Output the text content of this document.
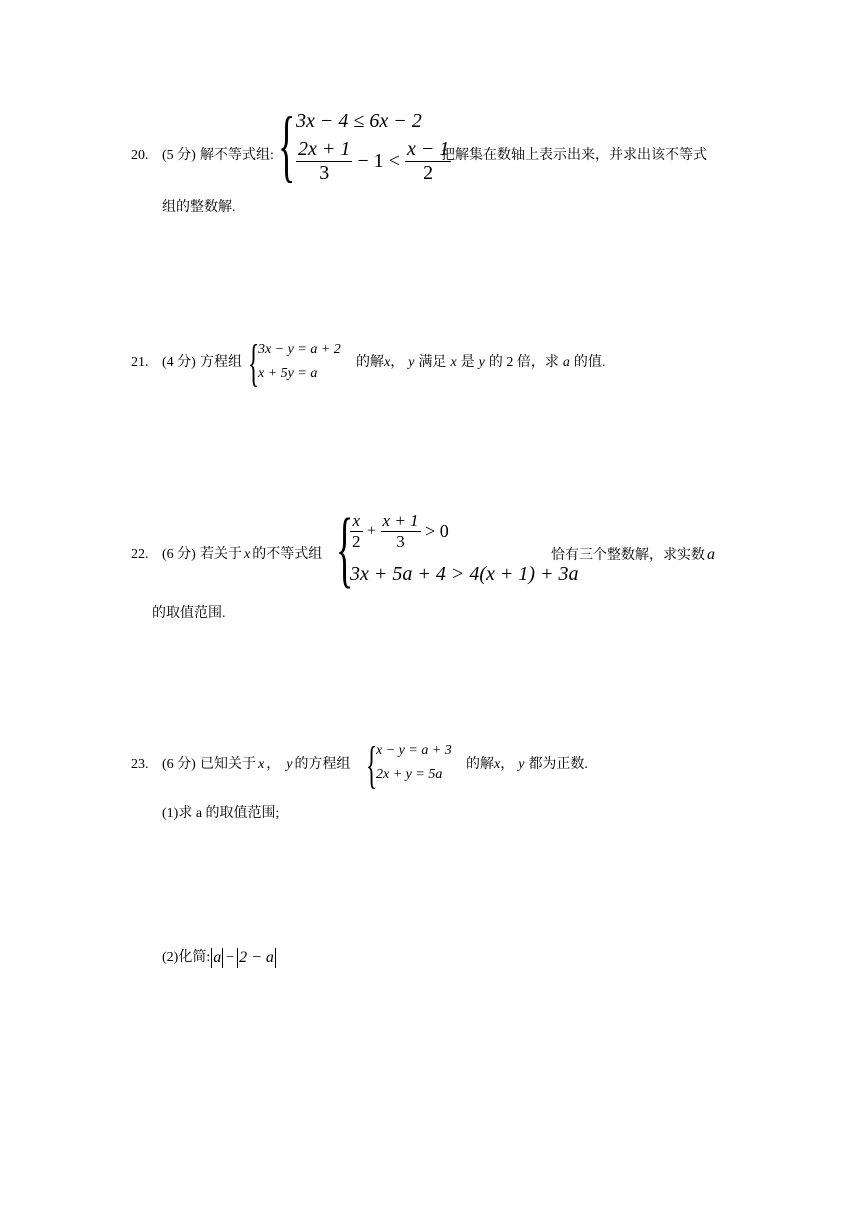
20. (5 分) 解不等式组: { 3x − 4 ≤ 6x − 2
$\frac{2x + 1}{3} - 1 < \frac{x - 1}{2}$
把解集在数轴上表示出来，并求出该不等式
组的整数解.
21. (4 分) 方程组 {
3x − y = a + 2
x + 5y = a
的解x， y 满足 x 是 y 的 2 倍，求 a 的值.
22. (6 分) 若关于 x 的不等式组 {
$\frac{x}{2} + \frac{x + 1}{3} > 0$
3x + 5a + 4 > 4(x + 1) + 3a
恰有三个整数解，求实数 a
的取值范围.
23. (6 分) 已知关于 x ， y 的方程组 {
x − y = a + 3
2x + y = 5a
的解x， y 都为正数.
(1)求 a 的取值范围;
(2)化简: a − 2 − a
